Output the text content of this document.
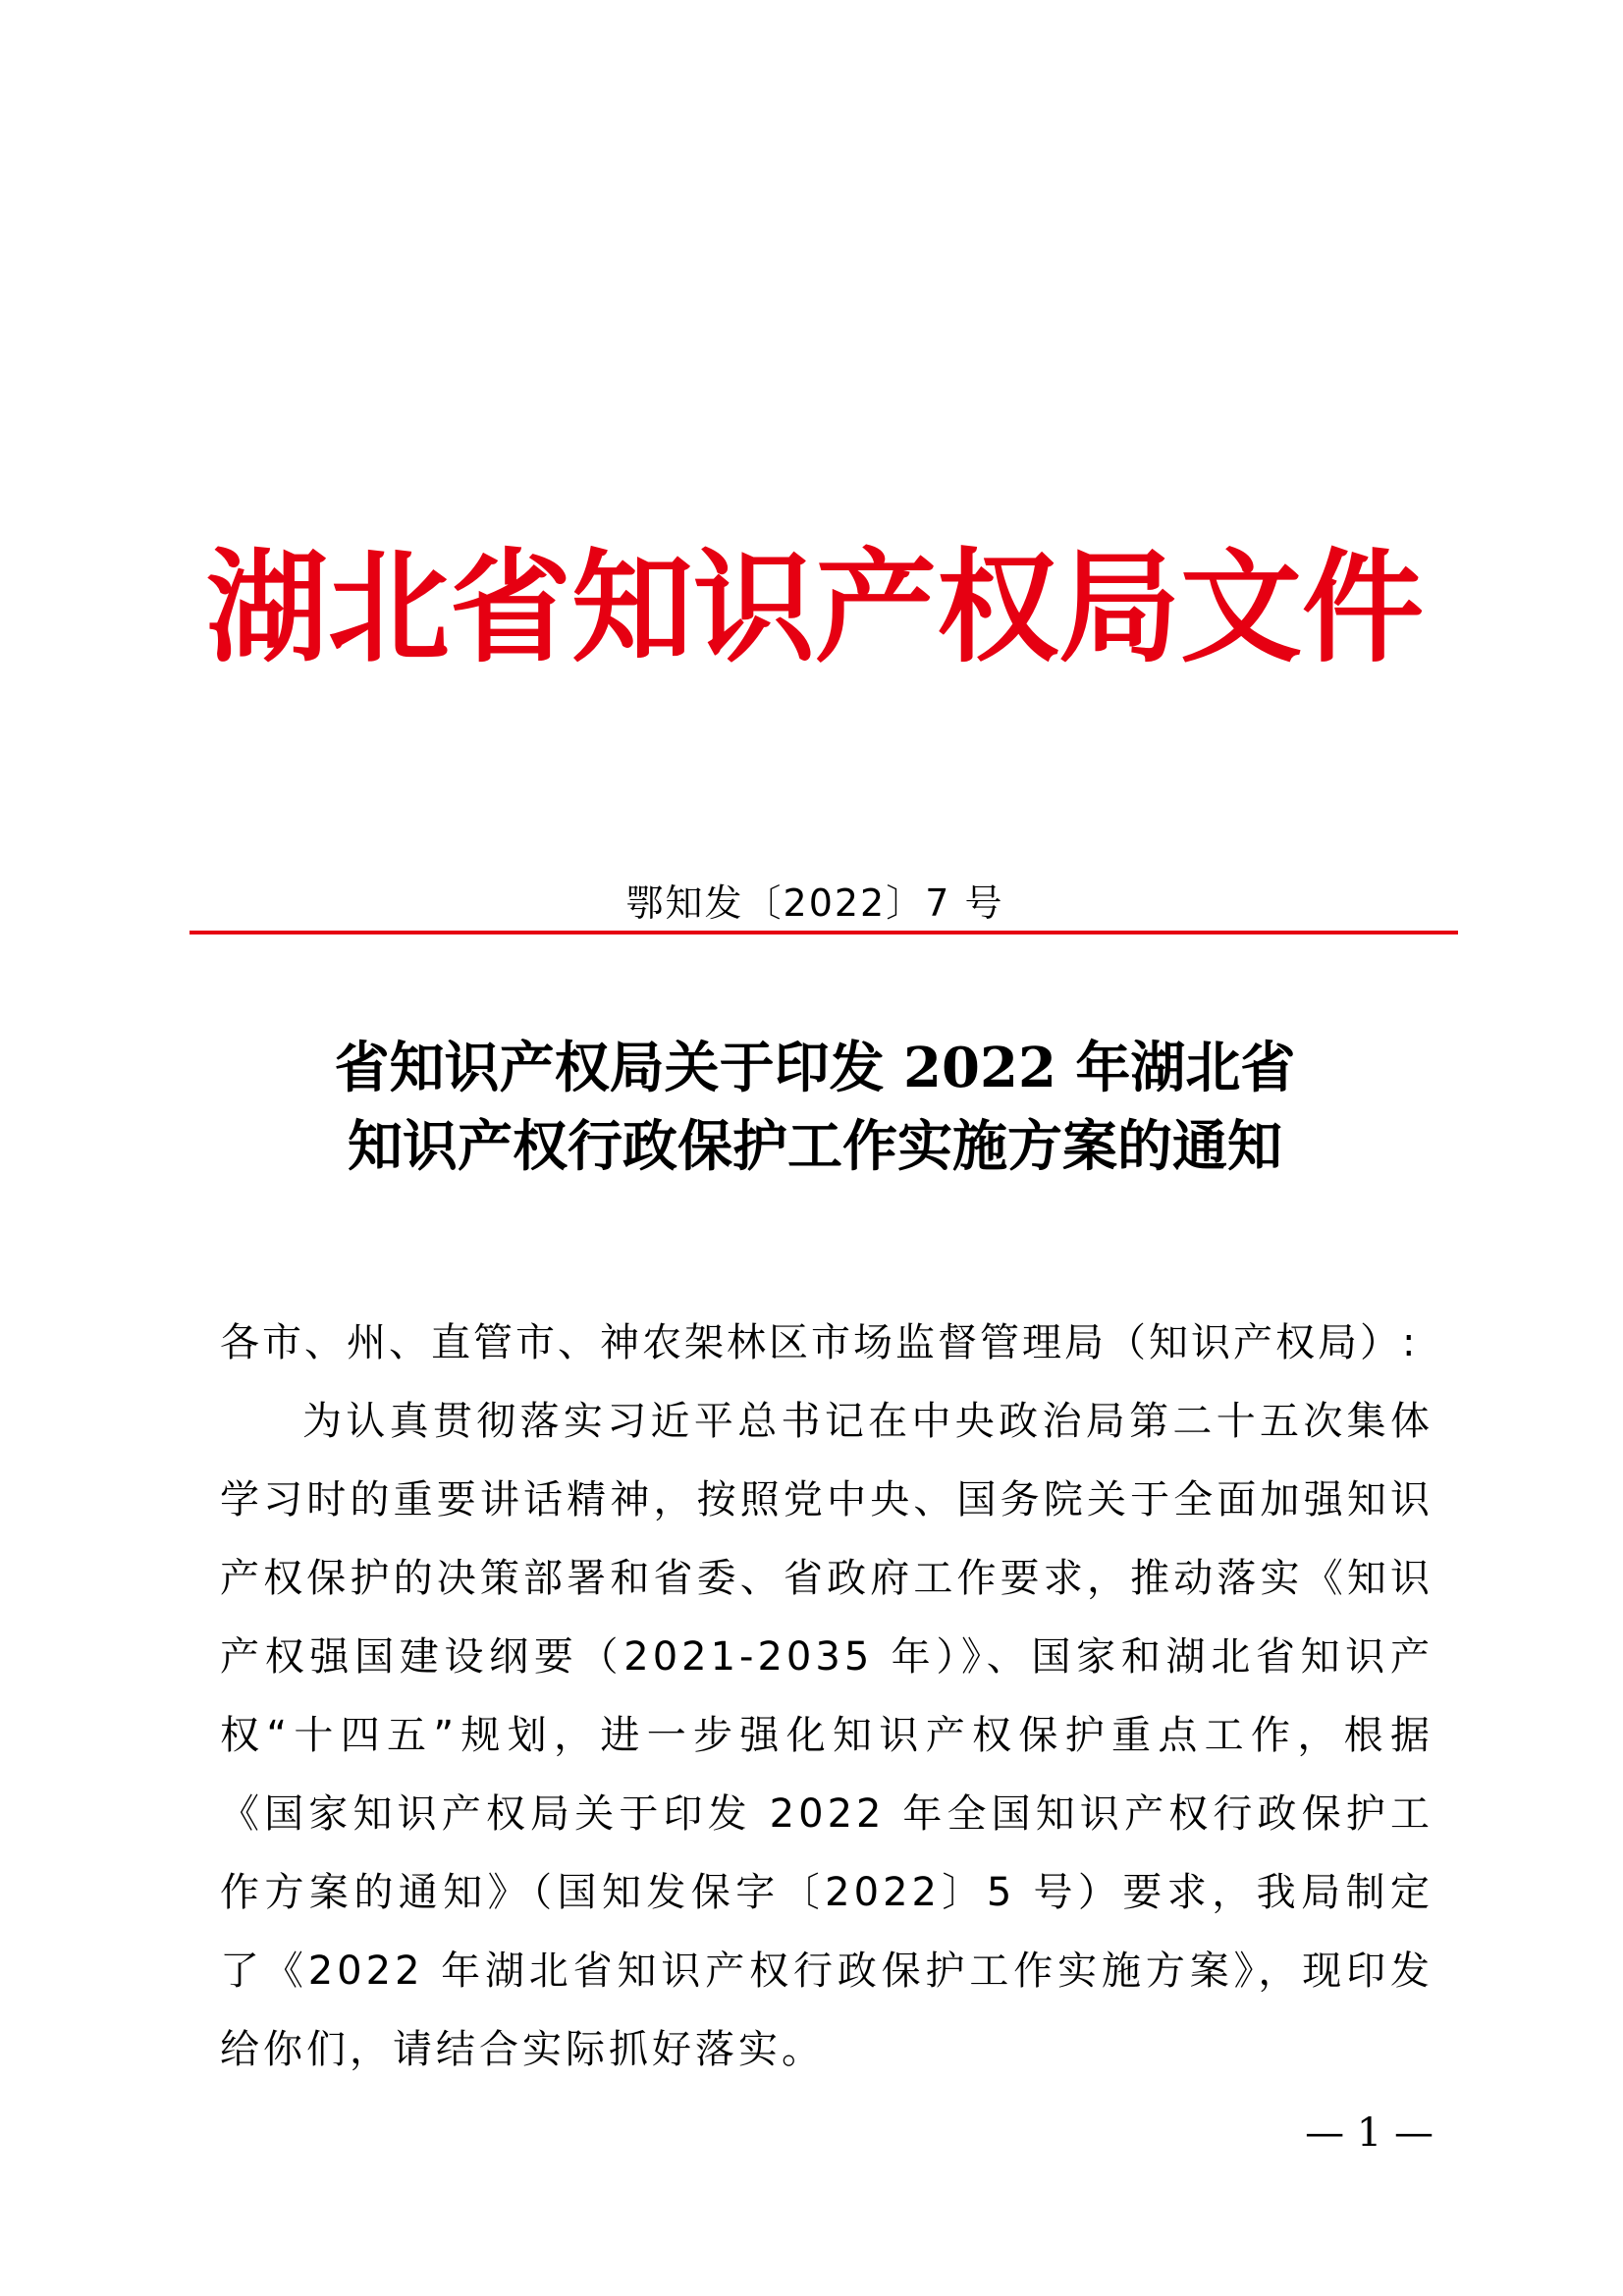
湖北省知识产权局文件
鄂知发〔2022〕7 号
省知识产权局关于印发 2022 年湖北省
知识产权行政保护工作实施方案的通知
各市、州、直管市、神农架林区市场监督管理局（知识产权局）:
为认真贯彻落实习近平总书记在中央政治局第二十五次集体学习时的重要讲话精神，按照党中央、国务院关于全面加强知识产权保护的决策部署和省委、省政府工作要求，推动落实《知识产权强国建设纲要（2021-2035 年）》、国家和湖北省知识产权“十四五”规划，进一步强化知识产权保护重点工作，根据《国家知识产权局关于印发 2022 年全国知识产权行政保护工作方案的通知》（国知发保字〔2022〕5 号）要求，我局制定了《2022 年湖北省知识产权行政保护工作实施方案》，现印发给你们，请结合实际抓好落实。
— 1 —
